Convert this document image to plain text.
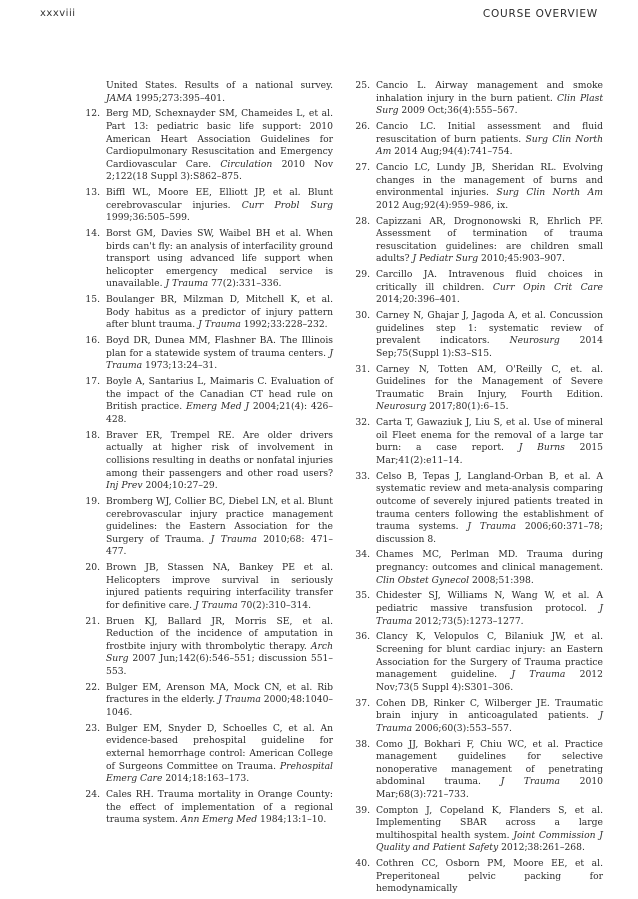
xxxviii	COURSE OVERVIEW
United States. Results of a national survey. JAMA 1995;273:395–401.
12. Berg MD, Schexnayder SM, Chameides L, et al. Part 13: pediatric basic life support: 2010 American Heart Association Guidelines for Cardiopulmonary Resuscitation and Emergency Cardiovascular Care. Circulation 2010 Nov 2;122(18 Suppl 3):S862–875.
13. Biffl WL, Moore EE, Elliott JP, et al. Blunt cerebrovascular injuries. Curr Probl Surg 1999;36:505–599.
14. Borst GM, Davies SW, Waibel BH et al. When birds can't fly: an analysis of interfacility ground transport using advanced life support when helicopter emergency medical service is unavailable. J Trauma 77(2):331–336.
15. Boulanger BR, Milzman D, Mitchell K, et al. Body habitus as a predictor of injury pattern after blunt trauma. J Trauma 1992;33:228–232.
16. Boyd DR, Dunea MM, Flashner BA. The Illinois plan for a statewide system of trauma centers. J Trauma 1973;13:24–31.
17. Boyle A, Santarius L, Maimaris C. Evaluation of the impact of the Canadian CT head rule on British practice. Emerg Med J 2004;21(4): 426–428.
18. Braver ER, Trempel RE. Are older drivers actually at higher risk of involvement in collisions resulting in deaths or nonfatal injuries among their passengers and other road users? Inj Prev 2004;10:27–29.
19. Bromberg WJ, Collier BC, Diebel LN, et al. Blunt cerebrovascular injury practice management guidelines: the Eastern Association for the Surgery of Trauma. J Trauma 2010;68: 471– 477.
20. Brown JB, Stassen NA, Bankey PE et al. Helicopters improve survival in seriously injured patients requiring interfacility transfer for definitive care. J Trauma 70(2):310–314.
21. Bruen KJ, Ballard JR, Morris SE, et al. Reduction of the incidence of amputation in frostbite injury with thrombolytic therapy. Arch Surg 2007 Jun;142(6):546–551; discussion 551–553.
22. Bulger EM, Arenson MA, Mock CN, et al. Rib fractures in the elderly. J Trauma 2000;48:1040–1046.
23. Bulger EM, Snyder D, Schoelles C, et al. An evidence-based prehospital guideline for external hemorrhage control: American College of Surgeons Committee on Trauma. Prehospital Emerg Care 2014;18:163–173.
24. Cales RH. Trauma mortality in Orange County: the effect of implementation of a regional trauma system. Ann Emerg Med 1984;13:1–10.
25. Cancio L. Airway management and smoke inhalation injury in the burn patient. Clin Plast Surg 2009 Oct;36(4):555–567.
26. Cancio LC. Initial assessment and fluid resuscitation of burn patients. Surg Clin North Am 2014 Aug;94(4):741–754.
27. Cancio LC, Lundy JB, Sheridan RL. Evolving changes in the management of burns and environmental injuries. Surg Clin North Am 2012 Aug;92(4):959–986, ix.
28. Capizzani AR, Drognonowski R, Ehrlich PF. Assessment of termination of trauma resuscitation guidelines: are children small adults? J Pediatr Surg 2010;45:903–907.
29. Carcillo JA. Intravenous fluid choices in critically ill children. Curr Opin Crit Care 2014;20:396–401.
30. Carney N, Ghajar J, Jagoda A, et al. Concussion guidelines step 1: systematic review of prevalent indicators. Neurosurg 2014 Sep;75(Suppl 1):S3–S15.
31. Carney N, Totten AM, O'Reilly C, et. al. Guidelines for the Management of Severe Traumatic Brain Injury, Fourth Edition. Neurosurg 2017;80(1):6–15.
32. Carta T, Gawaziuk J, Liu S, et al. Use of mineral oil Fleet enema for the removal of a large tar burn: a case report. J Burns 2015 Mar;41(2):e11–14.
33. Celso B, Tepas J, Langland-Orban B, et al. A systematic review and meta-analysis comparing outcome of severely injured patients treated in trauma centers following the establishment of trauma systems. J Trauma 2006;60:371–78; discussion 8.
34. Chames MC, Perlman MD. Trauma during pregnancy: outcomes and clinical management. Clin Obstet Gynecol 2008;51:398.
35. Chidester SJ, Williams N, Wang W, et al. A pediatric massive transfusion protocol. J Trauma 2012;73(5):1273–1277.
36. Clancy K, Velopulos C, Bilaniuk JW, et al. Screening for blunt cardiac injury: an Eastern Association for the Surgery of Trauma practice management guideline. J Trauma 2012 Nov;73(5 Suppl 4):S301–306.
37. Cohen DB, Rinker C, Wilberger JE. Traumatic brain injury in anticoagulated patients. J Trauma 2006;60(3):553–557.
38. Como JJ, Bokhari F, Chiu WC, et al. Practice management guidelines for selective nonoperative management of penetrating abdominal trauma. J Trauma 2010 Mar;68(3):721–733.
39. Compton J, Copeland K, Flanders S, et al. Implementing SBAR across a large multihospital health system. Joint Commission J Quality and Patient Safety 2012;38:261–268.
40. Cothren CC, Osborn PM, Moore EE, et al. Preperitoneal pelvic packing for hemodynamically
